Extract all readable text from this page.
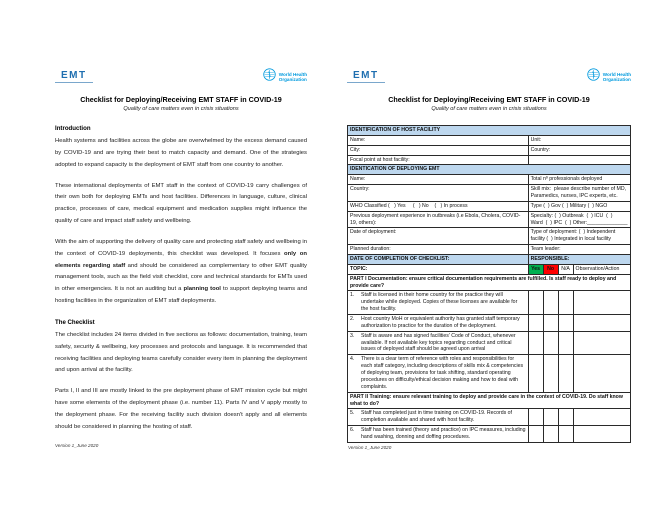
EMT	World Health
Organization
Checklist for Deploying/Receiving EMT STAFF in COVID-19
Quality of care matters even in crisis situations
Introduction

Health systems and facilities across the globe are overwhelmed by the excess demand caused by COVID-19 and are trying their best to match capacity and demand. One of the strategies adopted to expand capacity is the deployment of EMT staff from one country to another.

These international deployments of EMT staff in the context of COVID-19 carry challenges of their own both for deploying EMTs and host facilities. Differences in language, culture, clinical practice, processes of care, medical equipment and medication supplies might influence the quality of care and impact staff safety and wellbeing.

With the aim of supporting the delivery of quality care and protecting staff safety and wellbeing in the context of COVID-19 deployments, this checklist was developed. It focuses only on elements regarding staff and should be considered as complementary to other EMT quality management tools, such as the field visit checklist, core and technical standards for EMTs used in other emergencies. It is not an auditing but a planning tool to support deploying teams and hosting facilities in the organization of EMT staff deployments.

The Checklist

The checklist includes 24 items divided in five sections as follows: documentation, training, team safety, security & wellbeing, key processes and protocols and language. It is recommended that receiving facilities and deploying teams carefully consider every item in planning the deployment and upon arrival at the facility.

Parts I, II and III are mostly linked to the pre deployment phase of EMT mission cycle but might have some elements of the deployment phase (i.e. number 11). Parts IV and V apply mostly to the deployment phase. For the receiving facility such division doesn't apply and all elements should be considered in planning the hosting of staff.

EMT	World Health
Organization
Checklist for Deploying/Receiving EMT STAFF in COVID-19
Quality of care matters even in crisis situations
IDENTIFICATION OF HOST FACILITY				
Name:	Unit:			
City:	Country:			
Focal point at host facility:				
IDENTICATION OF DEPLOYING EMT				
Name:	Total nº professionals deployed			
Country:	Skill mix:  please describe number of MD, Paramedics, nurses, IPC experts, etc.			
WHO Classified (   ) Yes     (   ) No    (   ) In process	Type (  ) Gov (  ) Military (  ) NGO			
Previous deployment experience in outbreaks (i.e Ebola, Cholera, COVID-19, others):	Specialty: (  ) Outbreak  (  ) ICU  (  ) Ward  (  ) IPC  (  ) Other:______________			
Date of deployment:	Type of deployment: (  ) Independent facility (  ) Integrated in local facility			
Planned duration:	Team leader:			
DATE OF COMPLETION OF CHECKLIST:	RESPONSIBLE:			
TOPIC:	Yes	No	N/A	Observation/Action
PART I Documentation: ensure critical documentation requirements are fulfilled. Is staff ready to deploy and provide care?				

1. Staff is licensed in their home country for the practice they will undertake while deployed. Copies of these licenses are available for the host facility.				

2. Host country MoH or equivalent authority has granted staff temporary authorization to practice for the duration of the deployment.				

3. Staff is aware and has signed facilities' Code of Conduct, whenever available. If not available key topics regarding conduct and critical issues of deployed staff should be agreed upon arrival				

4. There is a clear term of reference with roles and responsibilities for each staff category, including descriptions of skills mix & competencies of deploying team, provisions for task shifting, standard operating procedures on difficulty/ethical decision making and how to deal with complaints.				

PART II Training: ensure relevant training to deploy and provide care in the context of COVID-19. Do staff know what to do?				

5. Staff has completed just in time training on COVID-19. Records of completion available and shared with host facility.				

6. Staff has been trained (theory and practice) on IPC measures, including hand washing, donning and doffing procedures.				

Version 1_June 2020	Version 1_June 2020
